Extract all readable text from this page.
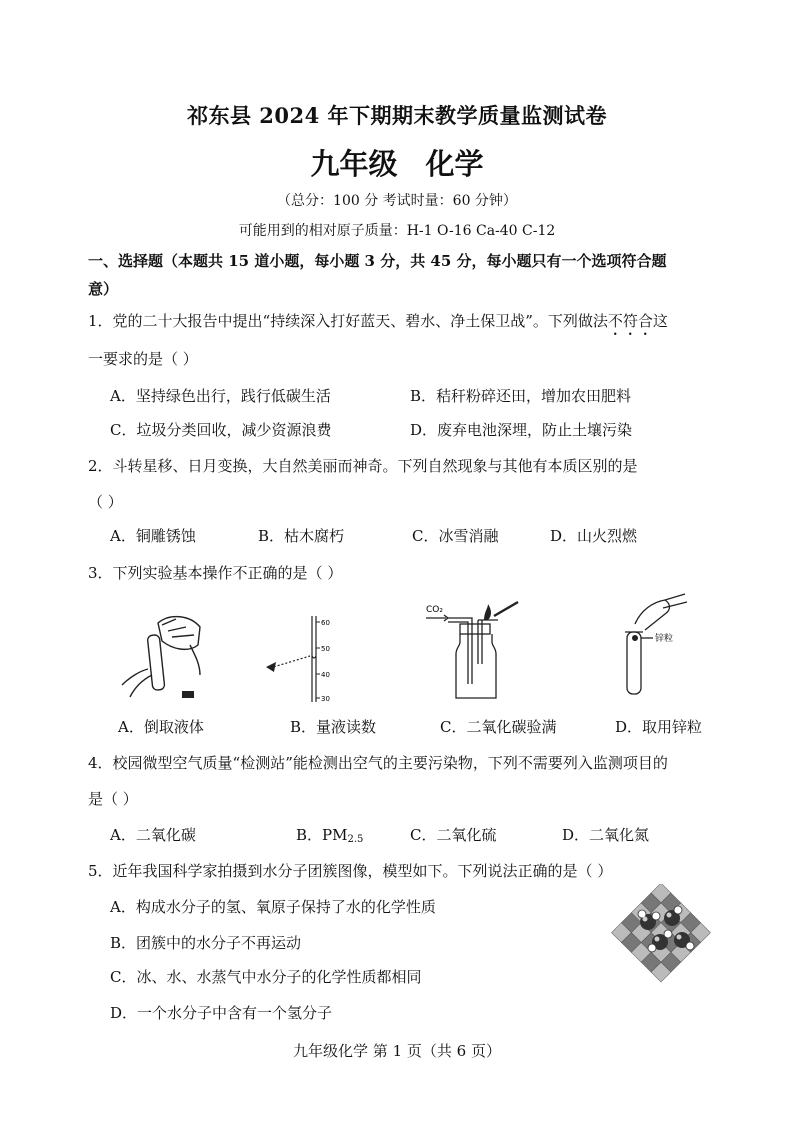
祁东县 2024 年下期期末教学质量监测试卷
九年级 化学
（总分：100 分 考试时量：60 分钟）
可能用到的相对原子质量：H-1 O-16 Ca-40 C-12
一、选择题（本题共 15 道小题，每小题 3 分，共 45 分，每小题只有一个选项符合题
意）
1．党的二十大报告中提出“持续深入打好蓝天、碧水、净土保卫战”。下列做法不符合这
一要求的是（ ）
A．坚持绿色出行，践行低碳生活	B．秸秆粉碎还田，增加农田肥料
C．垃圾分类回收，减少资源浪费	D．废弃电池深埋，防止土壤污染
2．斗转星移、日月变换，大自然美丽而神奇。下列自然现象与其他有本质区别的是
（ ）
A．铜雕锈蚀	B．枯木腐朽	C．冰雪消融	D．山火烈燃
3．下列实验基本操作不正确的是（ ）
60
50
40
30
CO₂
锌粒
A．倒取液体	B．量液读数	C．二氧化碳验满	D．取用锌粒
4．校园微型空气质量“检测站”能检测出空气的主要污染物，下列不需要列入监测项目的
是（ ）
A．二氧化碳	B．$PM_{2.5}$	C．二氧化硫	D．二氧化氮
5．近年我国科学家拍摄到水分子团簇图像，模型如下。下列说法正确的是（ ）
A．构成水分子的氢、氧原子保持了水的化学性质
B．团簇中的水分子不再运动
C．冰、水、水蒸气中水分子的化学性质都相同
D．一个水分子中含有一个氢分子
九年级化学 第 1 页（共 6 页）
